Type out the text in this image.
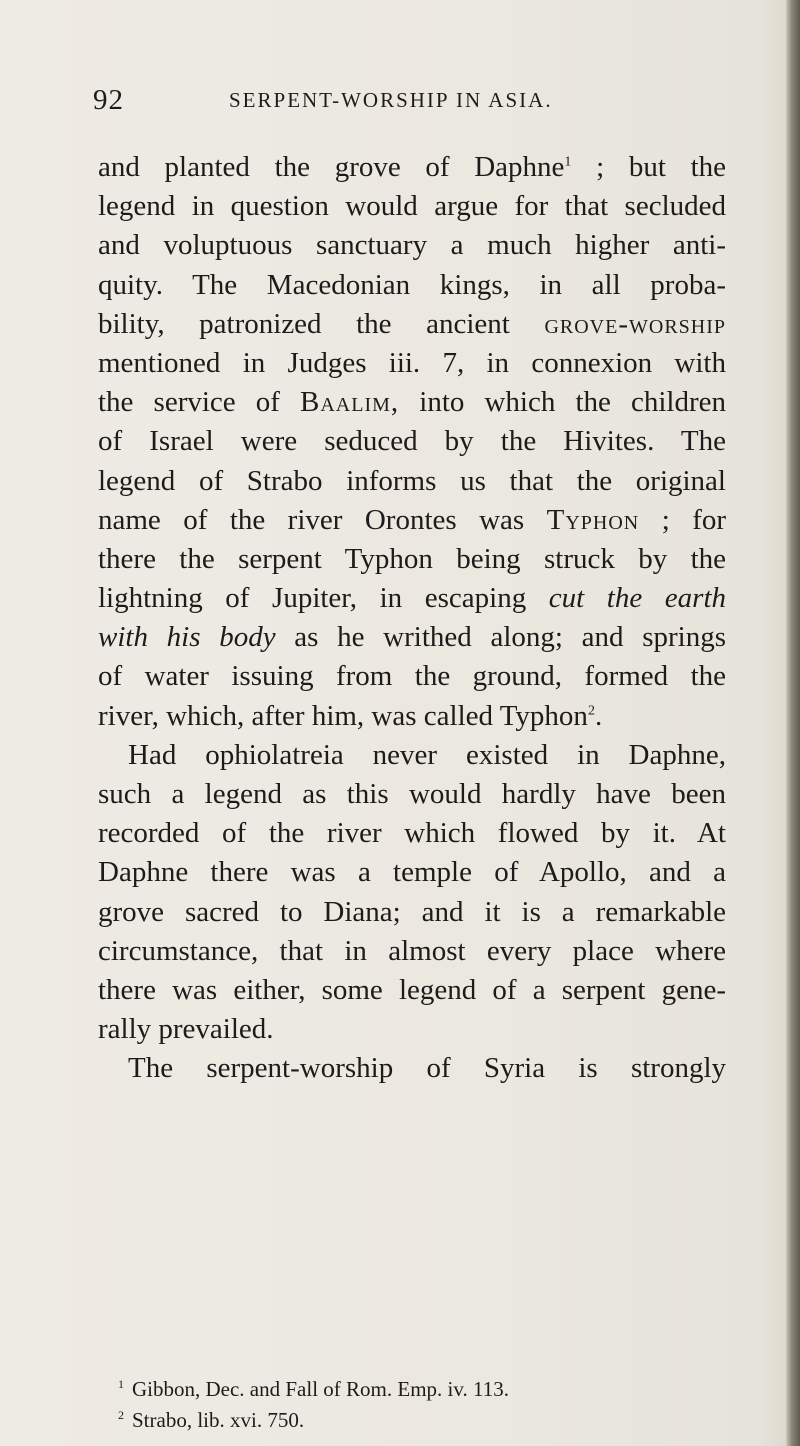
92	SERPENT-WORSHIP IN ASIA.
and planted the grove of Daphne$^1$ ; but the
legend in question would argue for that secluded
and voluptuous sanctuary a much higher anti-
quity. The Macedonian kings, in all proba-
bility, patronized the ancient grove-worship
mentioned in Judges iii. 7, in connexion with
the service of Baalim, into which the children
of Israel were seduced by the Hivites. The
legend of Strabo informs us that the original
name of the river Orontes was Typhon ; for
there the serpent Typhon being struck by the
lightning of Jupiter, in escaping cut the earth
with his body as he writhed along; and springs
of water issuing from the ground, formed the
river, which, after him, was called Typhon$^2$.
Had ophiolatreia never existed in Daphne,
such a legend as this would hardly have been
recorded of the river which flowed by it. At
Daphne there was a temple of Apollo, and a
grove sacred to Diana; and it is a remarkable
circumstance, that in almost every place where
there was either, some legend of a serpent gene-
rally prevailed.
The serpent-worship of Syria is strongly
$^1$ Gibbon, Dec. and Fall of Rom. Emp. iv. 113.
$^2$ Strabo, lib. xvi. 750.
